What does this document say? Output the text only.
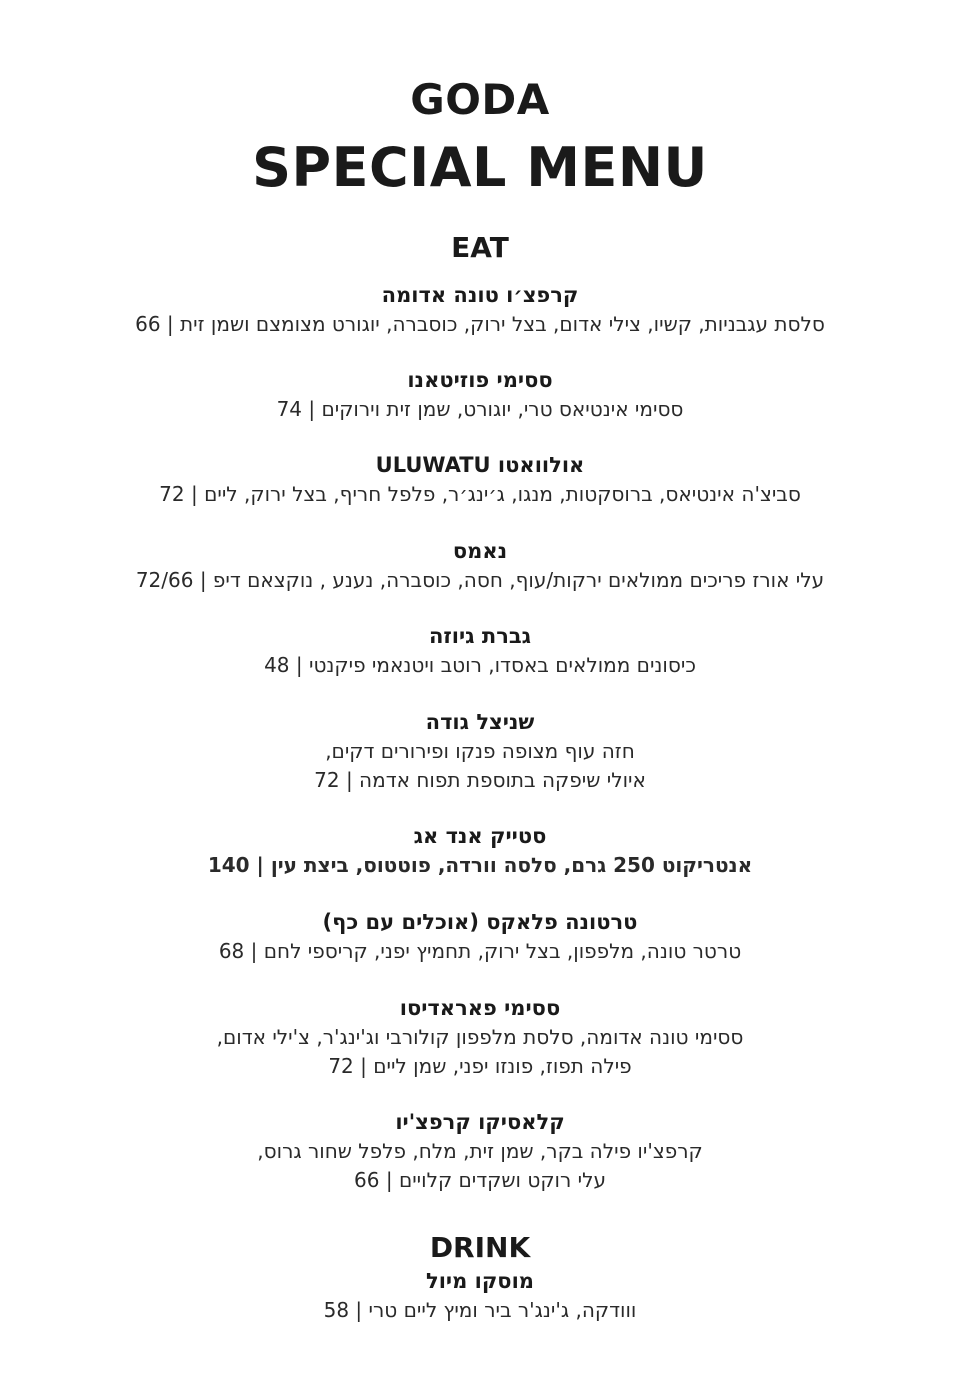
GODA
SPECIAL MENU
EAT
קרפצ׳ו טונה אדומה
סלסת עגבניות, קשיו, צילי אדום, בצל ירוק, כוסברה, יוגורט מצומצם ושמן זית | 66
ססימי פוזיטאנו
ססימי אינטיאס טרי, יוגורט, שמן זית וירוקים | 74
אולוואטו ULUWATU
סביצ'ה אינטיאס, ברוסקטות, מנגו, ג׳ינג׳ר, פלפל חריף, בצל ירוק, ליים | 72
נאמס
עלי אורז פריכים ממולאים ירקות/עוף, חסה, כוסברה, נענע , נוקצאם דיפ | 72/66
גברת גיוזה
כיסונים ממולאים באסדו, רוטב ויטנאמי פיקנטי | 48
שניצל גודה
חזה עוף מצופה פנקו ופירורים דקים,
איולי שיפקה בתוספת תפוח אדמה | 72
סטייק אנד אג
אנטריקוט 250 גרם, סלסה וורדה, פוטטוס, ביצת עין | 140
טרטונה פלאקס (אוכלים עם כף)
טרטר טונה, מלפפון, בצל ירוק, תחמיץ יפני, קריספי לחם | 68
ססימי פאראדיסו
ססימי טונה אדומה, סלסת מלפפון קולורבי וג'ינג'ר, צ'ילי אדום,
פילה תפוז, פונזו יפני, שמן ליים | 72
קלאסיקו קרפצ'יו
קרפצ'יו פילה בקר, שמן זית, מלח, פלפל שחור גרוס,
עלי רוקט ושקדים קלויים | 66
DRINK
מוסקו מיול
ווודקה, ג'ינג'ר ביר ומיץ ליים טרי | 58
